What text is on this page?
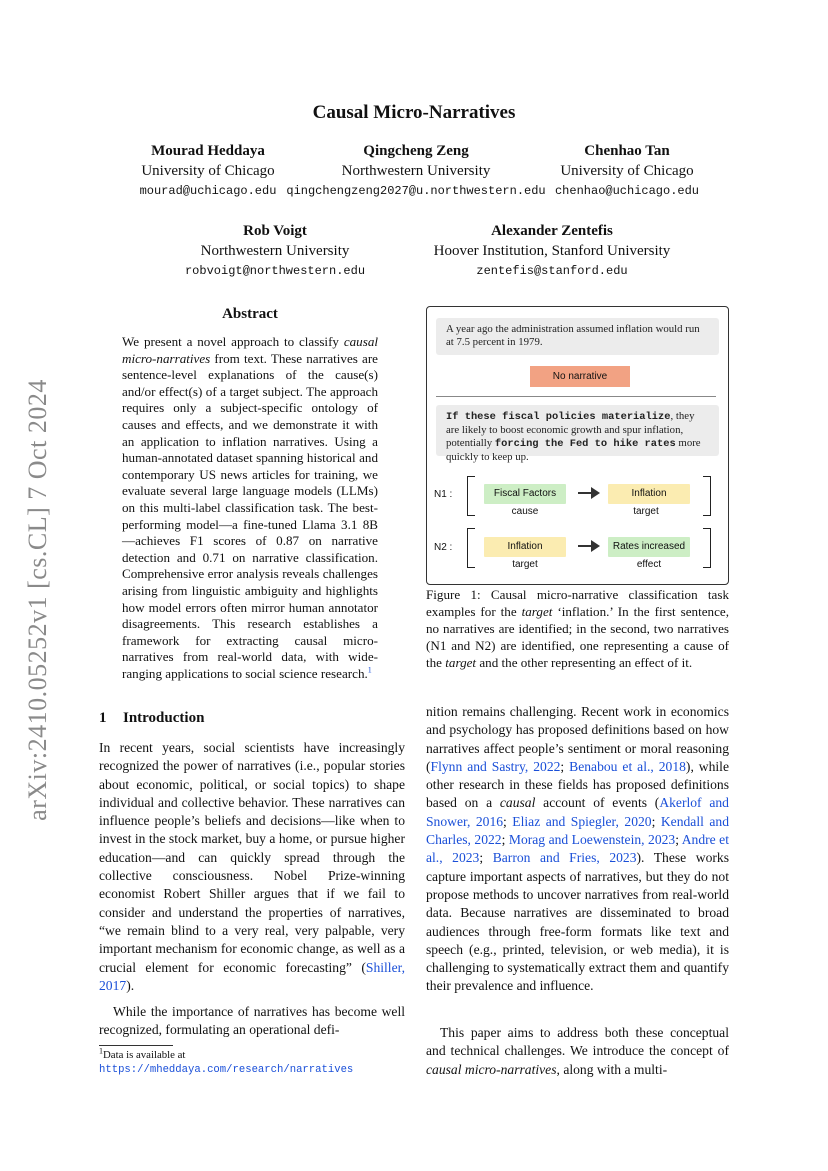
arXiv:2410.05252v1 [cs.CL] 7 Oct 2024
Causal Micro-Narratives
Mourad Heddaya
University of Chicago
mourad@uchicago.edu
Qingcheng Zeng
Northwestern University
qingchengzeng2027@u.northwestern.edu
Chenhao Tan
University of Chicago
chenhao@uchicago.edu
Rob Voigt
Northwestern University
robvoigt@northwestern.edu
Alexander Zentefis
Hoover Institution, Stanford University
zentefis@stanford.edu
Abstract
We present a novel approach to classify causal micro-narratives from text. These narratives are sentence-level explanations of the cause(s) and/or effect(s) of a target subject. The approach requires only a subject-specific ontology of causes and effects, and we demonstrate it with an application to inflation narratives. Using a human-annotated dataset spanning historical and contemporary US news articles for training, we evaluate several large language models (LLMs) on this multi-label classification task. The best-performing model—a fine-tuned Llama 3.1 8B—achieves F1 scores of 0.87 on narrative detection and 0.71 on narrative classification. Comprehensive error analysis reveals challenges arising from linguistic ambiguity and highlights how model errors often mirror human annotator disagreements. This research establishes a framework for extracting causal micro-narratives from real-world data, with wide-ranging applications to social science research.$^1$
1 Introduction
In recent years, social scientists have increasingly recognized the power of narratives (i.e., popular stories about economic, political, or social topics) to shape individual and collective behavior. These narratives can influence people’s beliefs and decisions—like when to invest in the stock market, buy a home, or pursue higher education—and can quickly spread through the collective consciousness. Nobel Prize-winning economist Robert Shiller argues that if we fail to consider and understand the properties of narratives, “we remain blind to a very real, very palpable, very important mechanism for economic change, as well as a crucial element for economic forecasting” (Shiller, 2017).
While the importance of narratives has become well recognized, formulating an operational defi-
$^1$Data is available at https://mheddaya.com/research/narratives
A year ago the administration assumed inflation would run at 7.5 percent in 1979.
No narrative
If these fiscal policies materialize, they are likely to boost economic growth and spur inflation, potentially forcing the Fed to hike rates more quickly to keep up.
N1 :	Fiscal Factors
cause
Inflation
target
N2 :	Inflation
target
Rates increased
effect
Figure 1: Causal micro-narrative classification task examples for the target ‘inflation.’ In the first sentence, no narratives are identified; in the second, two narratives (N1 and N2) are identified, one representing a cause of the target and the other representing an effect of it.
nition remains challenging. Recent work in economics and psychology has proposed definitions based on how narratives affect people’s sentiment or moral reasoning (Flynn and Sastry, 2022; Benabou et al., 2018), while other research in these fields has proposed definitions based on a causal account of events (Akerlof and Snower, 2016; Eliaz and Spiegler, 2020; Kendall and Charles, 2022; Morag and Loewenstein, 2023; Andre et al., 2023; Barron and Fries, 2023). These works capture important aspects of narratives, but they do not propose methods to uncover narratives from real-world data. Because narratives are disseminated to broad audiences through free-form formats like text and speech (e.g., printed, television, or web media), it is challenging to systematically extract them and quantify their prevalence and influence.
This paper aims to address both these conceptual and technical challenges. We introduce the concept of causal micro-narratives, along with a multi-
